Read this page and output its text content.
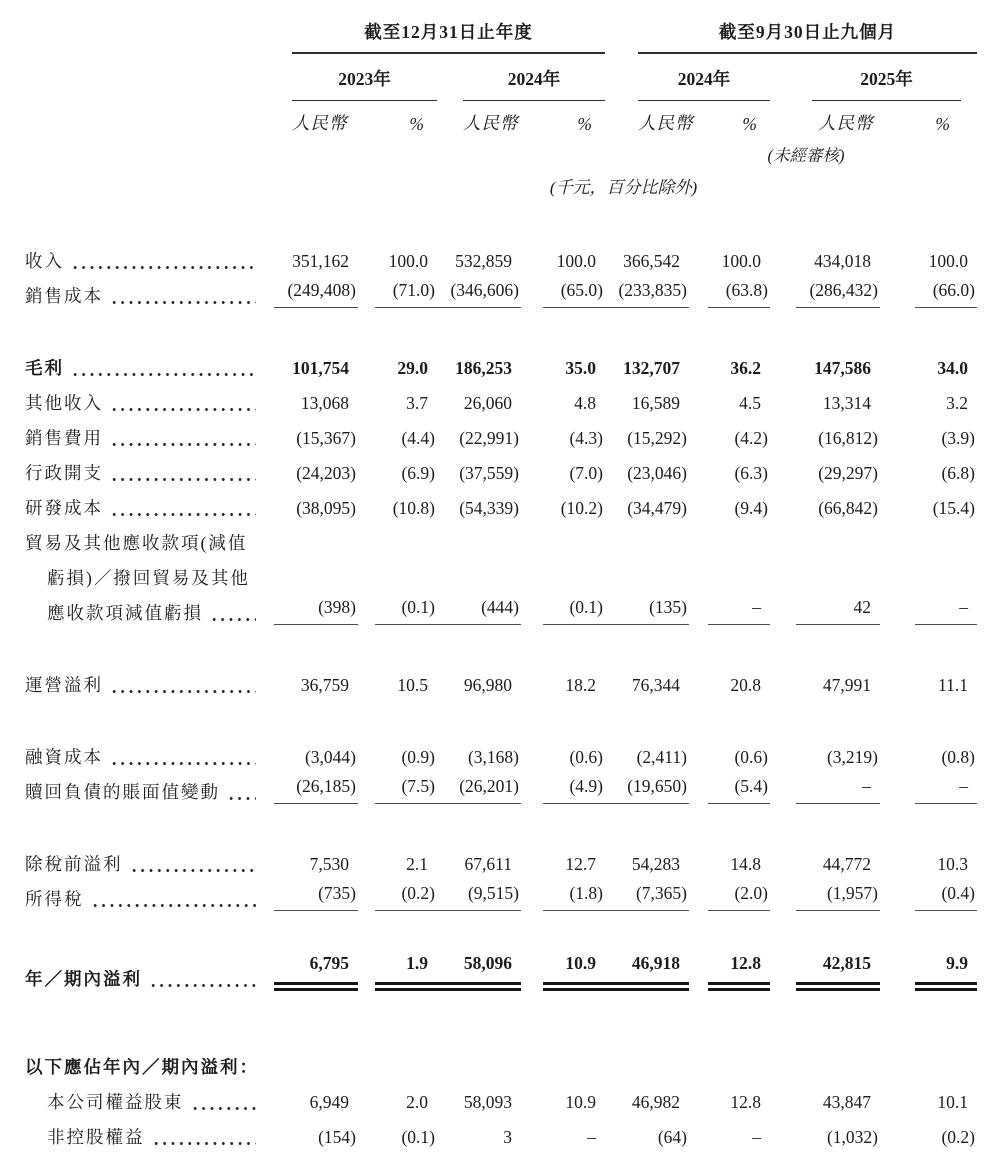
	截至12月31日止年度				截至9月30日止九個月			

	2023年		2024年		2024年		2025年	

	人民幣	%	人民幣	%	人民幣	%	人民幣	%

					(未經審核)			

	(千元，百分比除外)							

收入	351,162	100.0	532,859	100.0	366,542	100.0	434,018	100.0

銷售成本	(249,408)	(71.0)	(346,606)	(65.0)	(233,835)	(63.8)	(286,432)	(66.0)

毛利	101,754	29.0	186,253	35.0	132,707	36.2	147,586	34.0

其他收入	13,068	3.7	26,060	4.8	16,589	4.5	13,314	3.2

銷售費用	(15,367)	(4.4)	(22,991)	(4.3)	(15,292)	(4.2)	(16,812)	(3.9)

行政開支	(24,203)	(6.9)	(37,559)	(7.0)	(23,046)	(6.3)	(29,297)	(6.8)

研發成本	(38,095)	(10.8)	(54,339)	(10.2)	(34,479)	(9.4)	(66,842)	(15.4)

貿易及其他應收款項(減值								

虧損)／撥回貿易及其他								

應收款項減值虧損	(398)	(0.1)	(444)	(0.1)	(135)	–	42	–

運營溢利	36,759	10.5	96,980	18.2	76,344	20.8	47,991	11.1

融資成本	(3,044)	(0.9)	(3,168)	(0.6)	(2,411)	(0.6)	(3,219)	(0.8)

贖回負債的賬面值變動	(26,185)	(7.5)	(26,201)	(4.9)	(19,650)	(5.4)	–	–

除稅前溢利	7,530	2.1	67,611	12.7	54,283	14.8	44,772	10.3

所得稅	(735)	(0.2)	(9,515)	(1.8)	(7,365)	(2.0)	(1,957)	(0.4)

年／期內溢利	6,795	1.9	58,096	10.9	46,918	12.8	42,815	9.9

以下應佔年內／期內溢利：								

本公司權益股東	6,949	2.0	58,093	10.9	46,982	12.8	43,847	10.1

非控股權益	(154)	(0.1)	3	–	(64)	–	(1,032)	(0.2)
